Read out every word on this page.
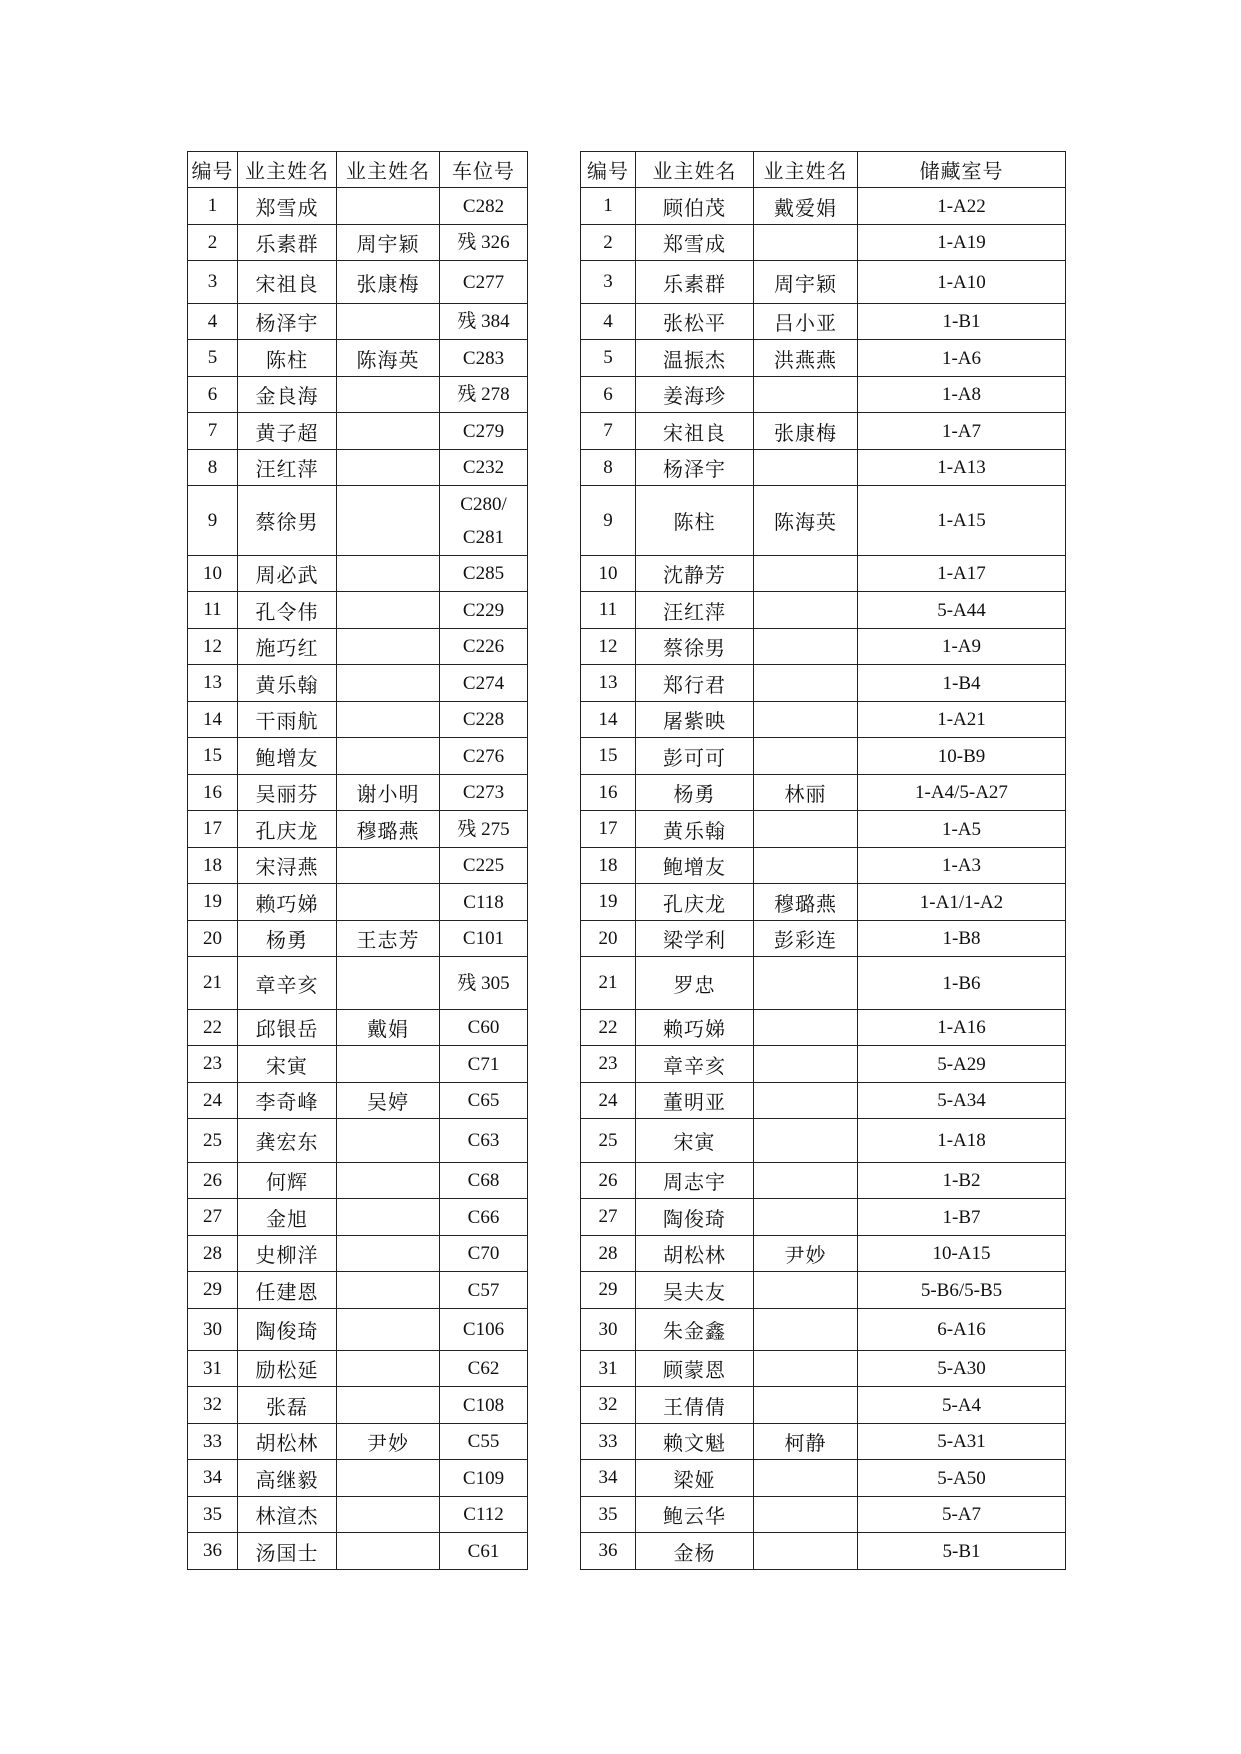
编号	业主姓名	业主姓名	车位号
1	郑雪成		C282
2	乐素群	周宇颖	残 326
3	宋祖良	张康梅	C277
4	杨泽宇		残 384
5	陈柱	陈海英	C283
6	金良海		残 278
7	黄子超		C279
8	汪红萍		C232
9	蔡徐男		C280/
C281
10	周必武		C285
11	孔令伟		C229
12	施巧红		C226
13	黄乐翰		C274
14	干雨航		C228
15	鲍增友		C276
16	吴丽芬	谢小明	C273
17	孔庆龙	穆璐燕	残 275
18	宋浔燕		C225
19	赖巧娣		C118
20	杨勇	王志芳	C101
21	章辛亥		残 305
22	邱银岳	戴娟	C60
23	宋寅		C71
24	李奇峰	吴婷	C65
25	龚宏东		C63
26	何辉		C68
27	金旭		C66
28	史柳洋		C70
29	任建恩		C57
30	陶俊琦		C106
31	励松延		C62
32	张磊		C108
33	胡松林	尹妙	C55
34	高继毅		C109
35	林渲杰		C112
36	汤国士		C61
编号	业主姓名	业主姓名	储藏室号
1	顾伯茂	戴爱娟	1-A22
2	郑雪成		1-A19
3	乐素群	周宇颖	1-A10
4	张松平	吕小亚	1-B1
5	温振杰	洪燕燕	1-A6
6	姜海珍		1-A8
7	宋祖良	张康梅	1-A7
8	杨泽宇		1-A13
9	陈柱	陈海英	1-A15
10	沈静芳		1-A17
11	汪红萍		5-A44
12	蔡徐男		1-A9
13	郑行君		1-B4
14	屠紫映		1-A21
15	彭可可		10-B9
16	杨勇	林丽	1-A4/5-A27
17	黄乐翰		1-A5
18	鲍增友		1-A3
19	孔庆龙	穆璐燕	1-A1/1-A2
20	梁学利	彭彩连	1-B8
21	罗忠		1-B6
22	赖巧娣		1-A16
23	章辛亥		5-A29
24	董明亚		5-A34
25	宋寅		1-A18
26	周志宇		1-B2
27	陶俊琦		1-B7
28	胡松林	尹妙	10-A15
29	吴夫友		5-B6/5-B5
30	朱金鑫		6-A16
31	顾蒙恩		5-A30
32	王倩倩		5-A4
33	赖文魁	柯静	5-A31
34	梁娅		5-A50
35	鲍云华		5-A7
36	金杨		5-B1
